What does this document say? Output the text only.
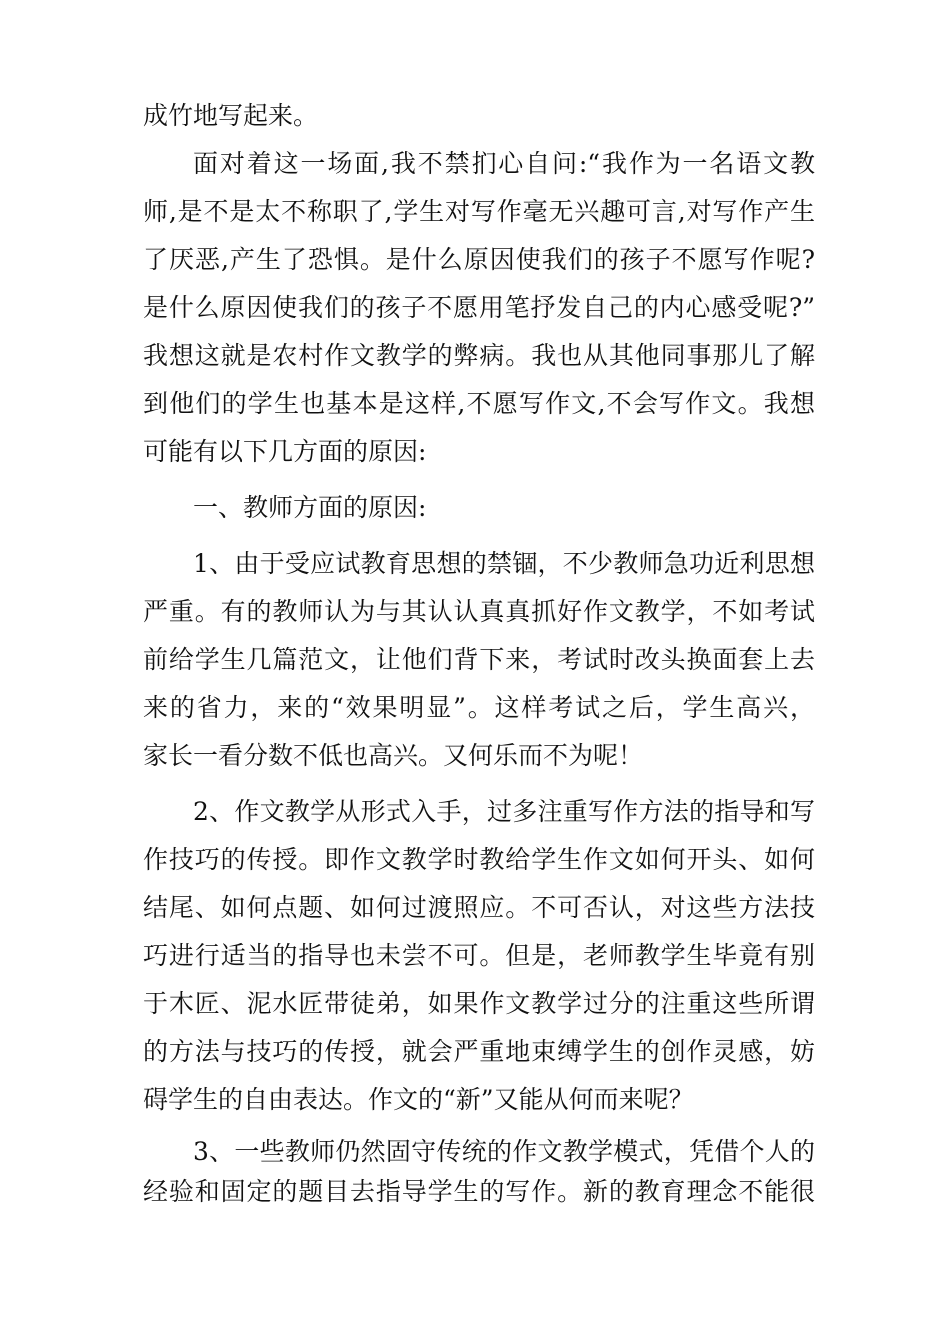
成竹地写起来。
面对着这一场面,我不禁扪心自问:“我作为一名语文教
师,是不是太不称职了,学生对写作毫无兴趣可言,对写作产生
了厌恶,产生了恐惧。是什么原因使我们的孩子不愿写作呢?
是什么原因使我们的孩子不愿用笔抒发自己的内心感受呢?”
我想这就是农村作文教学的弊病。我也从其他同事那儿了解
到他们的学生也基本是这样,不愿写作文,不会写作文。我想
可能有以下几方面的原因:
一、教师方面的原因:
1、由于受应试教育思想的禁锢，不少教师急功近利思想
严重。有的教师认为与其认认真真抓好作文教学，不如考试
前给学生几篇范文，让他们背下来，考试时改头换面套上去
来的省力，来的“效果明显”。这样考试之后，学生高兴，
家长一看分数不低也高兴。又何乐而不为呢！
2、作文教学从形式入手，过多注重写作方法的指导和写
作技巧的传授。即作文教学时教给学生作文如何开头、如何
结尾、如何点题、如何过渡照应。不可否认，对这些方法技
巧进行适当的指导也未尝不可。但是，老师教学生毕竟有别
于木匠、泥水匠带徒弟，如果作文教学过分的注重这些所谓
的方法与技巧的传授，就会严重地束缚学生的创作灵感，妨
碍学生的自由表达。作文的“新”又能从何而来呢？
3、一些教师仍然固守传统的作文教学模式，凭借个人的
经验和固定的题目去指导学生的写作。新的教育理念不能很
